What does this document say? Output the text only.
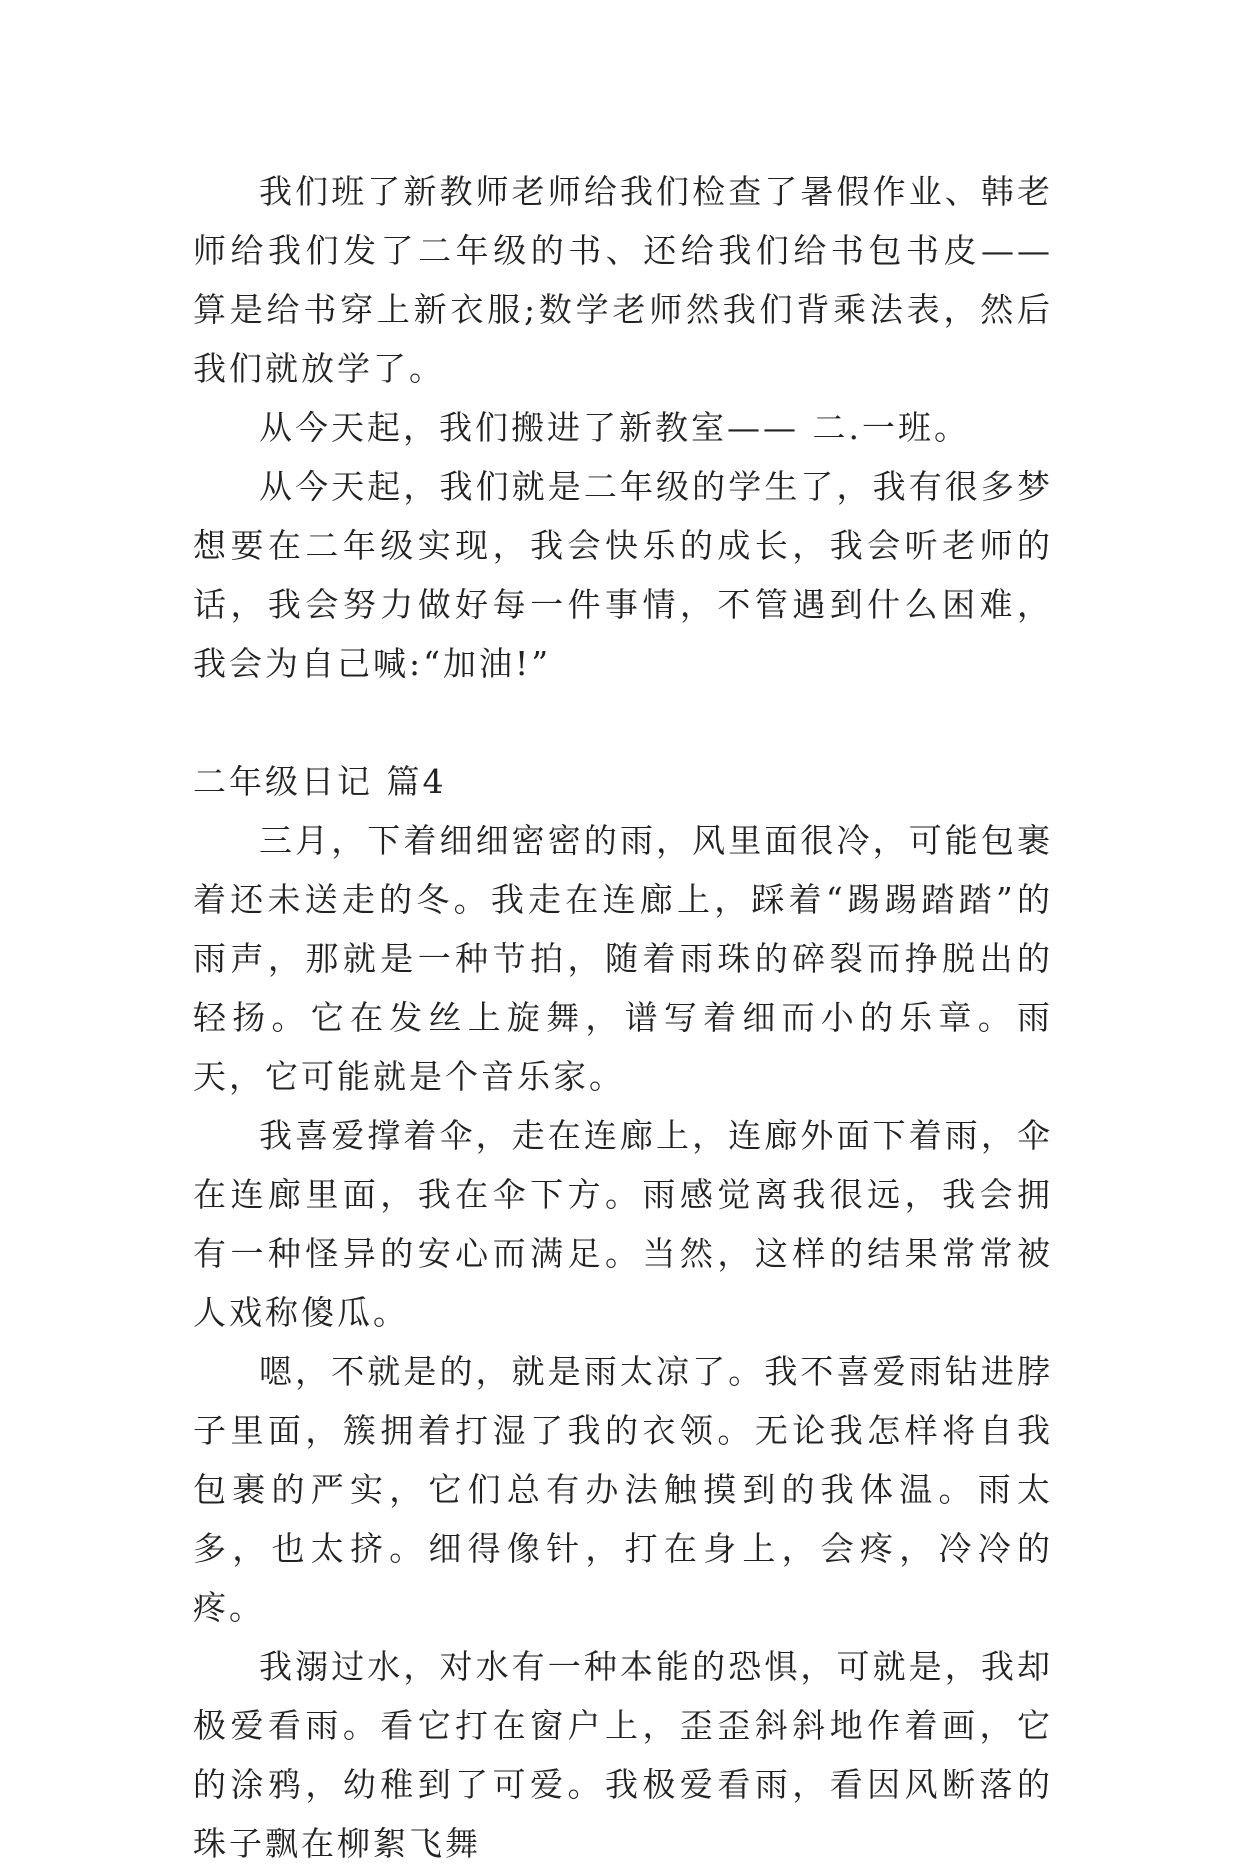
我们班了新教师老师给我们检查了暑假作业、韩老师给我们发了二年级的书、还给我们给书包书皮——算是给书穿上新衣服;数学老师然我们背乘法表，然后我们就放学了。

从今天起，我们搬进了新教室—— 二.一班。

从今天起，我们就是二年级的学生了，我有很多梦想要在二年级实现，我会快乐的成长，我会听老师的话，我会努力做好每一件事情，不管遇到什么困难，我会为自己喊:“加油!”

二年级日记 篇4

三月，下着细细密密的雨，风里面很冷，可能包裹着还未送走的冬。我走在连廊上，踩着“踢踢踏踏”的雨声，那就是一种节拍，随着雨珠的碎裂而挣脱出的轻扬。它在发丝上旋舞，谱写着细而小的乐章。雨天，它可能就是个音乐家。

我喜爱撑着伞，走在连廊上，连廊外面下着雨，伞在连廊里面，我在伞下方。雨感觉离我很远，我会拥有一种怪异的安心而满足。当然，这样的结果常常被人戏称傻瓜。

嗯，不就是的，就是雨太凉了。我不喜爱雨钻进脖子里面，簇拥着打湿了我的衣领。无论我怎样将自我包裹的严实，它们总有办法触摸到的我体温。雨太多，也太挤。细得像针，打在身上，会疼，冷冷的疼。

我溺过水，对水有一种本能的恐惧，可就是，我却极爱看雨。看它打在窗户上，歪歪斜斜地作着画，它的涂鸦，幼稚到了可爱。我极爱看雨，看因风断落的珠子飘在柳絮飞舞
